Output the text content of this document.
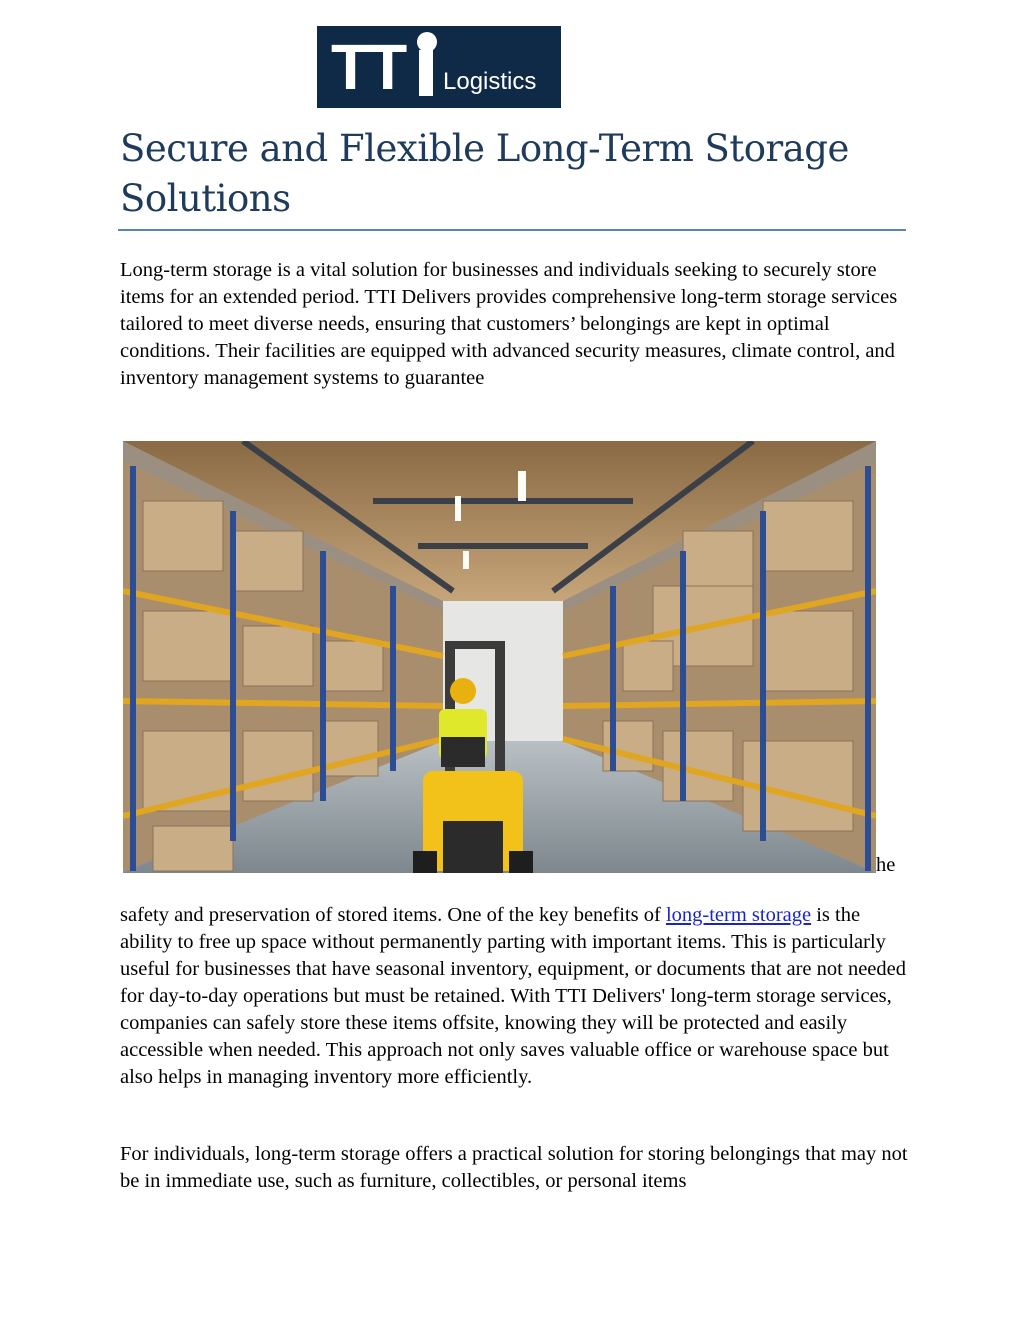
TT Logistics
Secure and Flexible Long-Term Storage Solutions

Long-term storage is a vital solution for businesses and individuals seeking to securely store items for an extended period. TTI Delivers provides comprehensive long-term storage services tailored to meet diverse needs, ensuring that customers’ belongings are kept in optimal conditions. Their facilities are equipped with advanced security measures, climate control, and inventory management systems to guarantee

he

safety and preservation of stored items. One of the key benefits of long-term storage is the ability to free up space without permanently parting with important items. This is particularly useful for businesses that have seasonal inventory, equipment, or documents that are not needed for day-to-day operations but must be retained. With TTI Delivers' long-term storage services, companies can safely store these items offsite, knowing they will be protected and easily accessible when needed. This approach not only saves valuable office or warehouse space but also helps in managing inventory more efficiently.

For individuals, long-term storage offers a practical solution for storing belongings that may not be in immediate use, such as furniture, collectibles, or personal items
